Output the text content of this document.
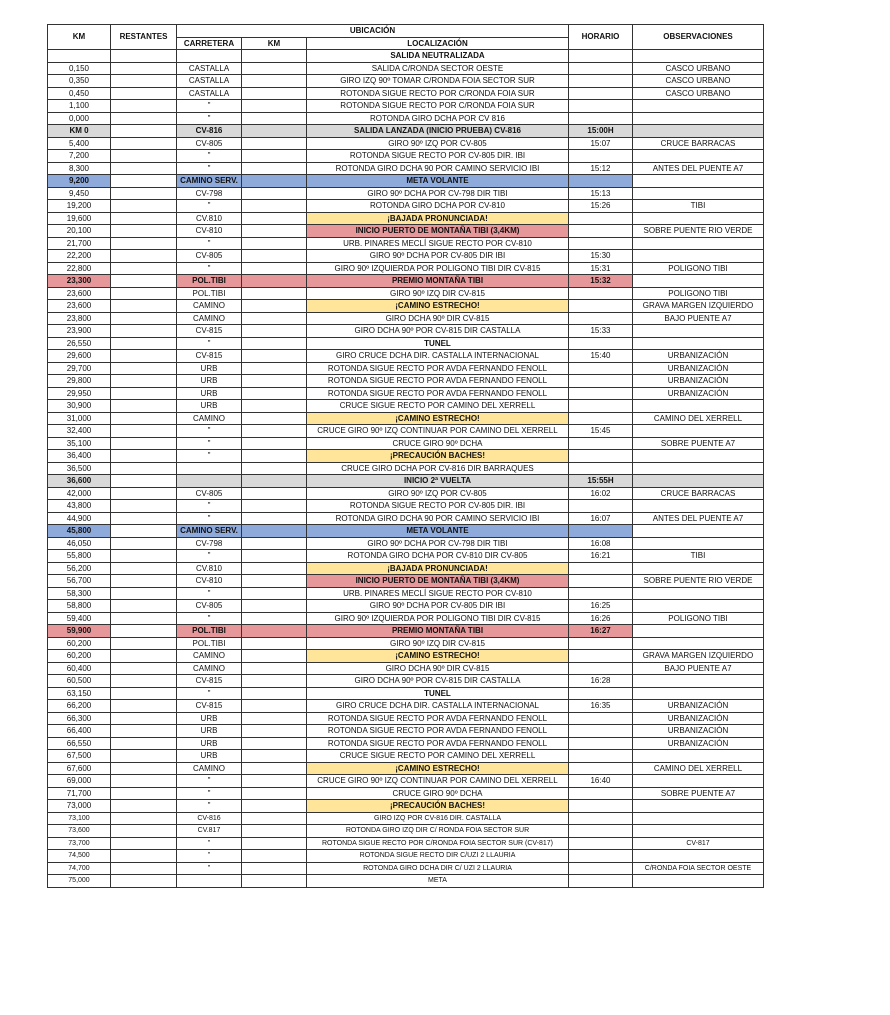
KM	RESTANTES	UBICACIÓN			HORARIO	OBSERVACIONES
		CARRETERA	KM	LOCALIZACIÓN		
				SALIDA NEUTRALIZADA		
0,150		CASTALLA		SALIDA C/RONDA SECTOR OESTE		CASCO URBANO
0,350		CASTALLA		GIRO IZQ 90º TOMAR C/RONDA FOIA SECTOR SUR		CASCO URBANO
0,450		CASTALLA		ROTONDA SIGUE RECTO POR C/RONDA FOIA SUR		CASCO URBANO
1,100		"		ROTONDA SIGUE RECTO POR C/RONDA FOIA SUR		
0,000		"		ROTONDA GIRO DCHA POR CV 816		
KM 0		CV-816		SALIDA LANZADA (INICIO PRUEBA) CV-816	15:00H	
5,400		CV-805		GIRO 90º IZQ POR CV-805	15:07	CRUCE BARRACAS
7,200		"		ROTONDA SIGUE RECTO POR CV-805 DIR. IBI		
8,300		"		ROTONDA GIRO DCHA 90 POR CAMINO SERVICIO IBI	15:12	ANTES DEL PUENTE A7
9,200		CAMINO SERV.		META VOLANTE		
9,450		CV-798		GIRO 90º DCHA POR CV-798 DIR TIBI	15:13	
19,200		"		ROTONDA GIRO DCHA POR CV-810	15:26	TIBI
19,600		CV.810		¡BAJADA PRONUNCIADA!		
20,100		CV-810		INICIO PUERTO DE MONTAÑA TIBI (3,4KM)		SOBRE PUENTE RIO VERDE
21,700		"		URB. PINARES MECLÍ SIGUE RECTO POR CV-810		
22,200		CV-805		GIRO 90º DCHA POR CV-805 DIR IBI	15:30	
22,800		"		GIRO 90º IZQUIERDA POR POLIGONO TIBI DIR CV-815	15:31	POLIGONO TIBI
23,300		POL.TIBI		PREMIO MONTAÑA TIBI	15:32	
23,600		POL.TIBI		GIRO 90º IZQ DIR CV-815		POLIGONO TIBI
23,600		CAMINO		¡CAMINO ESTRECHO!		GRAVA MARGEN IZQUIERDO
23,800		CAMINO		GIRO DCHA 90º DIR CV-815		BAJO PUENTE A7
23,900		CV-815		GIRO DCHA 90º POR CV-815 DIR CASTALLA	15:33	
26,550		"		TUNEL		
29,600		CV-815		GIRO CRUCE DCHA DIR. CASTALLA INTERNACIONAL	15:40	URBANIZACIÓN
29,700		URB		ROTONDA SIGUE RECTO POR AVDA FERNANDO FENOLL		URBANIZACIÓN
29,800		URB		ROTONDA SIGUE RECTO POR AVDA FERNANDO FENOLL		URBANIZACIÓN
29,950		URB		ROTONDA SIGUE RECTO POR AVDA FERNANDO FENOLL		URBANIZACIÓN
30,900		URB		CRUCE SIGUE RECTO POR CAMINO DEL XERRELL		
31,000		CAMINO		¡CAMINO ESTRECHO!		CAMINO DEL XERRELL
32,400		"		CRUCE GIRO 90º IZQ CONTINUAR POR CAMINO DEL XERRELL	15:45	
35,100		"		CRUCE GIRO 90º DCHA		SOBRE PUENTE A7
36,400		"		¡PRECAUCIÓN BACHES!		
36,500				CRUCE GIRO DCHA POR CV-816 DIR BARRAQUES		
36,600				INICIO 2ª VUELTA	15:55H	
42,000		CV-805		GIRO 90º IZQ POR CV-805	16:02	CRUCE BARRACAS
43,800		"		ROTONDA SIGUE RECTO POR CV-805 DIR. IBI		
44,900		"		ROTONDA GIRO DCHA 90 POR CAMINO SERVICIO IBI	16:07	ANTES DEL PUENTE A7
45,800		CAMINO SERV.		META VOLANTE		
46,050		CV-798		GIRO 90º DCHA POR CV-798 DIR TIBI	16:08	
55,800		"		ROTONDA GIRO DCHA POR CV-810 DIR CV-805	16:21	TIBI
56,200		CV.810		¡BAJADA PRONUNCIADA!		
56,700		CV-810		INICIO PUERTO DE MONTAÑA TIBI (3,4KM)		SOBRE PUENTE RIO VERDE
58,300		"		URB. PINARES MECLÍ SIGUE RECTO POR CV-810		
58,800		CV-805		GIRO 90º DCHA POR CV-805 DIR IBI	16:25	
59,400		"		GIRO 90º IZQUIERDA POR POLIGONO TIBI DIR CV-815	16:26	POLIGONO TIBI
59,900		POL.TIBI		PREMIO MONTAÑA TIBI	16:27	
60,200		POL.TIBI		GIRO 90º IZQ DIR CV-815		
60,200		CAMINO		¡CAMINO ESTRECHO!		GRAVA MARGEN IZQUIERDO
60,400		CAMINO		GIRO DCHA 90º DIR CV-815		BAJO PUENTE A7
60,500		CV-815		GIRO DCHA 90º POR CV-815 DIR CASTALLA	16:28	
63,150		"		TUNEL		
66,200		CV-815		GIRO CRUCE DCHA DIR. CASTALLA INTERNACIONAL	16:35	URBANIZACIÓN
66,300		URB		ROTONDA SIGUE RECTO POR AVDA FERNANDO FENOLL		URBANIZACIÓN
66,400		URB		ROTONDA SIGUE RECTO POR AVDA FERNANDO FENOLL		URBANIZACIÓN
66,550		URB		ROTONDA SIGUE RECTO POR AVDA FERNANDO FENOLL		URBANIZACIÓN
67,500		URB		CRUCE SIGUE RECTO POR CAMINO DEL XERRELL		
67,600		CAMINO		¡CAMINO ESTRECHO!		CAMINO DEL XERRELL
69,000		"		CRUCE GIRO 90º IZQ CONTINUAR POR CAMINO DEL XERRELL	16:40	
71,700		"		CRUCE GIRO 90º DCHA		SOBRE PUENTE A7
73,000		"		¡PRECAUCIÓN BACHES!		
73,100		CV-816		GIRO IZQ POR CV-816 DIR. CASTALLA		
73,600		CV.817		ROTONDA GIRO IZQ DIR C/ RONDA FOIA SECTOR SUR		
73,700		"		ROTONDA SIGUE RECTO POR C/RONDA FOIA SECTOR SUR (CV-817)		CV-817
74,500		"		ROTONDA SIGUE RECTO DIR C/UZI 2 LLAURIA		
74,700		"		ROTONDA GIRO DCHA DIR C/ UZI 2 LLAURIA		C/RONDA FOIA SECTOR OESTE
75,000				META		
